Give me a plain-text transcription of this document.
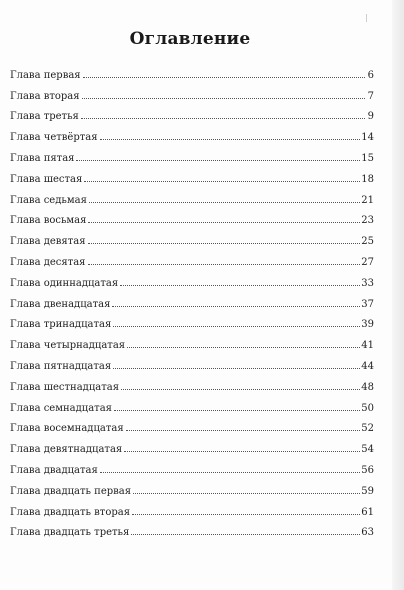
Оглавление
Глава первая	6
Глава вторая	7
Глава третья	9
Глава четвёртая	14
Глава пятая	15
Глава шестая	18
Глава седьмая	21
Глава восьмая	23
Глава девятая	25
Глава десятая	27
Глава одиннадцатая	33
Глава двенадцатая	37
Глава тринадцатая	39
Глава четырнадцатая	41
Глава пятнадцатая	44
Глава шестнадцатая	48
Глава семнадцатая	50
Глава восемнадцатая	52
Глава девятнадцатая	54
Глава двадцатая	56
Глава двадцать первая	59
Глава двадцать вторая	61
Глава двадцать третья	63
